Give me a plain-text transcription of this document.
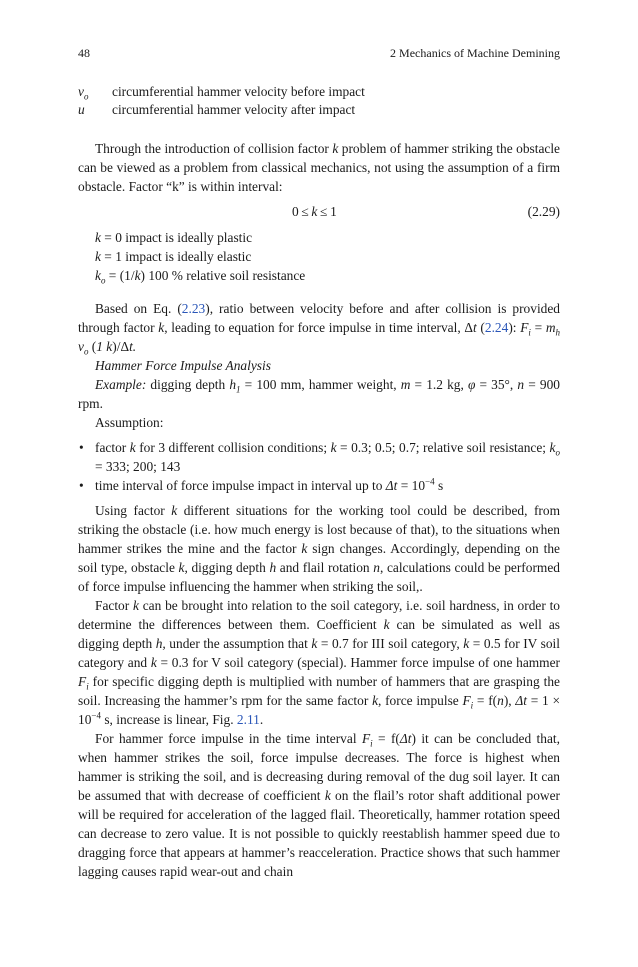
48	2 Mechanics of Machine Demining
$v_o$ circumferential hammer velocity before impact
u circumferential hammer velocity after impact

Through the introduction of collision factor k problem of hammer striking the obstacle can be viewed as a problem from classical mechanics, not using the assumption of a firm obstacle. Factor “k” is within interval:

0 ≤ k ≤ 1	(2.29)
k = 0 impact is ideally plastic
k = 1 impact is ideally elastic
$k_o = (1/k)$ 100 % relative soil resistance

Based on Eq. (2.23), ratio between velocity before and after collision is provided through factor k, leading to equation for force impulse in time interval, Δt (2.24): $F_i = m_h$ $v_o$ (1 k)/Δt.

Hammer Force Impulse Analysis

Example: digging depth $h_1 = 100$ mm, hammer weight, m = 1.2 kg, φ = 35°, n = 900 rpm.

Assumption:
• factor k for 3 different collision conditions; k = 0.3; 0.5; 0.7; relative soil resistance; $k_o = 333$; 200; 143
• time interval of force impulse impact in interval up to $\Delta t = 10^{-4}$ s

Using factor k different situations for the working tool could be described, from striking the obstacle (i.e. how much energy is lost because of that), to the situations when hammer strikes the mine and the factor k sign changes. Accordingly, depending on the soil type, obstacle k, digging depth h and flail rotation n, calculations could be performed of force impulse influencing the hammer when striking the soil,.

Factor k can be brought into relation to the soil category, i.e. soil hardness, in order to determine the differences between them. Coefficient k can be simulated as well as digging depth h, under the assumption that k = 0.7 for III soil category, k = 0.5 for IV soil category and k = 0.3 for V soil category (special). Hammer force impulse of one hammer $F_i$ for specific digging depth is multiplied with number of hammers that are grasping the soil. Increasing the hammer’s rpm for the same factor k, force impulse $F_i = f(n)$, $\Delta t = 1 \times 10^{-4}$ s, increase is linear, Fig. 2.11.

For hammer force impulse in the time interval $F_i = f(\Delta t)$ it can be concluded that, when hammer strikes the soil, force impulse decreases. The force is highest when hammer is striking the soil, and is decreasing during removal of the dug soil layer. It can be assumed that with decrease of coefficient k on the flail’s rotor shaft additional power will be required for acceleration of the lagged flail. Theoretically, hammer rotation speed can decrease to zero value. It is not possible to quickly reestablish hammer speed due to dragging force that appears at hammer’s reacceleration. Practice shows that such hammer lagging causes rapid wear-out and chain
